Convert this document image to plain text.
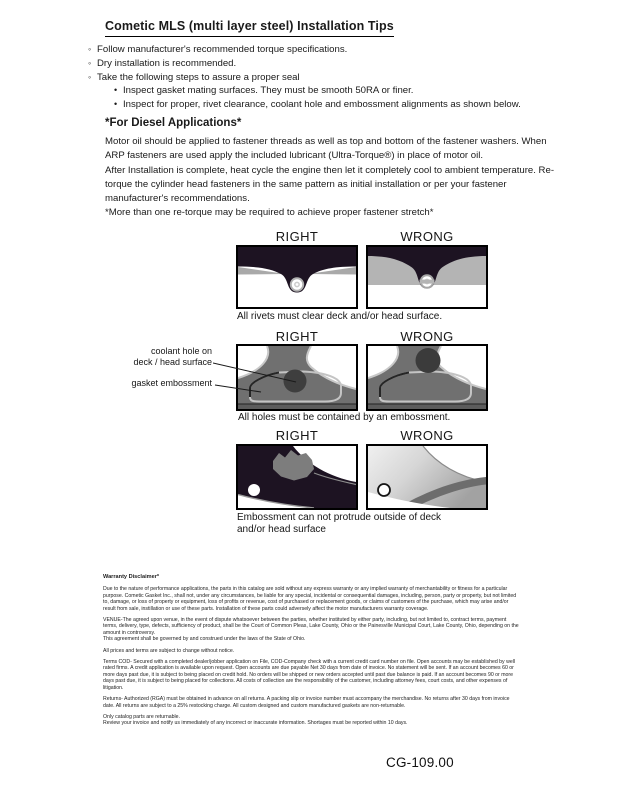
Cometic MLS (multi layer steel) Installation Tips
◦ Follow manufacturer's recommended torque specifications.
◦ Dry installation is recommended.
◦ Take the following steps to assure a proper seal
• Inspect gasket mating surfaces. They must be smooth 50RA or finer.
• Inspect for proper, rivet clearance, coolant hole and embossment alignments as shown below.
*For Diesel Applications*

Motor oil should be applied to fastener threads as well as top and bottom of the fastener washers. When ARP fasteners are used apply the included lubricant (Ultra-Torque®) in place of motor oil.

After Installation is complete, heat cycle the engine then let it completely cool to ambient temperature. Re-torque the cylinder head fasteners in the same pattern as initial installation or per your fastener manufacturer's recommendations.

*More than one re-torque may be required to achieve proper fastener stretch*

RIGHT	WRONG
All rivets must clear deck and/or head surface.
RIGHT	WRONG
coolant hole on
deck / head surface
gasket embossment
All holes must be contained by an embossment.
RIGHT	WRONG
Embossment can not protrude outside of deck and/or head surface

Warranty Disclaimer*

Due to the nature of performance applications, the parts in this catalog are sold without any express warranty or any implied warranty of merchantability or fitness for a particular purpose. Cometic Gasket Inc., shall not, under any circumstances, be liable for any special, incidental or consequential damages, including, person, party or property, but not limited to, damage, or loss of property or equipment, loss of profits or revenue, cost of purchased or replacement goods, or claims of customers of the purchase, which may arise and/or result from sale, instillation or use of these parts. Installation of these parts could adversely affect the motor manufacturers warranty coverage.

VENUE-The agreed upon venue, in the event of dispute whatsoever between the parties, whether instituted by either party, including, but not limited to, contract terms, payment terms, delivery, type, defects, sufficiency of product, shall be the Court of Common Pleas, Lake County, Ohio or the Painesville Municipal Court, Lake County, Ohio, depending on the amount in controversy.

This agreement shall be governed by and construed under the laws of the State of Ohio.

All prices and terms are subject to change without notice.

Terms COD- Secured with a completed dealer/jobber application on File, COD-Company check with a current credit card number on file. Open accounts may be established by well rated firms. A credit application is available upon request. Open accounts are due payable Net 30 days from date of invoice. No statement will be sent. If an account becomes 60 or more days past due, it is subject to being placed on credit hold. No orders will be shipped or new orders accepted until past due balance is paid. If an account becomes 90 or more days past due, it is subject to being placed for collections. All costs of collection are the responsibility of the customer, including attorney fees, court costs, and other expenses of litigation.

Returns- Authorized (RGA) must be obtained in advance on all returns. A packing slip or invoice number must accompany the merchandise. No returns after 30 days from invoice date. All returns are subject to a 25% restocking charge. All custom designed and custom manufactured gaskets are non-returnable.

Only catalog parts are returnable.

Review your invoice and notify us immediately of any incorrect or inaccurate information. Shortages must be reported within 10 days.

CG-109.00
